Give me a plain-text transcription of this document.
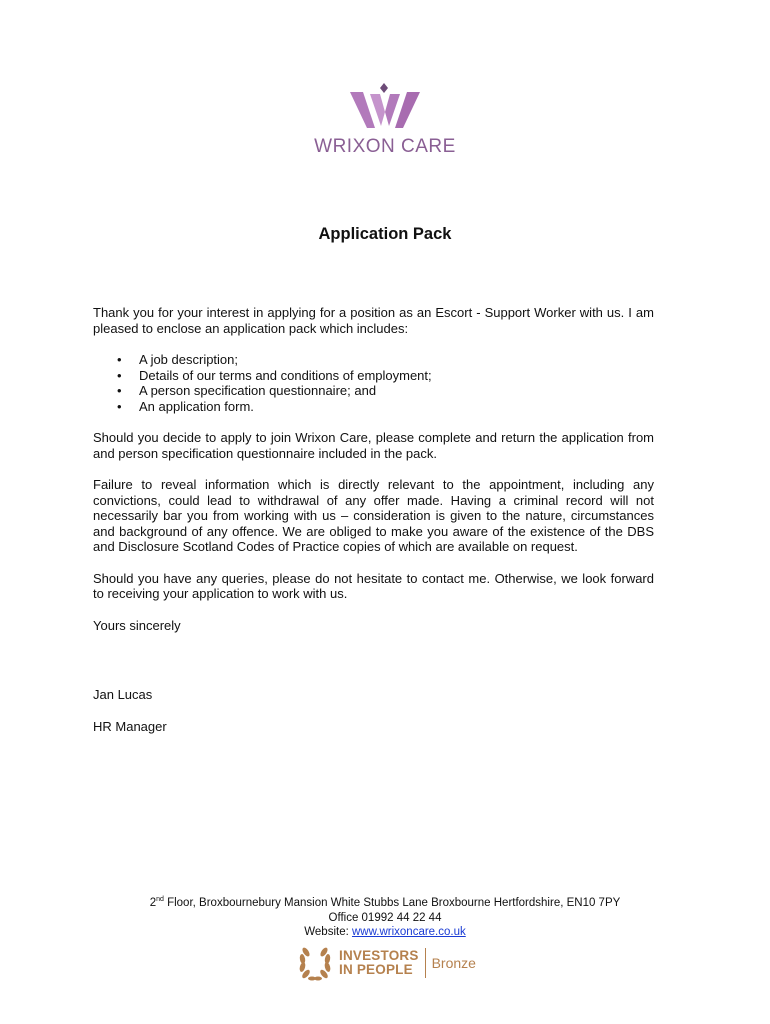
WRIXON CARE
Application Pack

Thank you for your interest in applying for a position as an Escort - Support Worker with us. I am pleased to enclose an application pack which includes:

• A job description;
• Details of our terms and conditions of employment;
• A person specification questionnaire; and
• An application form.

Should you decide to apply to join Wrixon Care, please complete and return the application from and person specification questionnaire included in the pack.

Failure to reveal information which is directly relevant to the appointment, including any convictions, could lead to withdrawal of any offer made. Having a criminal record will not necessarily bar you from working with us – consideration is given to the nature, circumstances and background of any offence. We are obliged to make you aware of the existence of the DBS and Disclosure Scotland Codes of Practice copies of which are available on request.

Should you have any queries, please do not hesitate to contact me. Otherwise, we look forward to receiving your application to work with us.

Yours sincerely

Jan Lucas

HR Manager

2nd Floor, Broxbournebury Mansion White Stubbs Lane Broxbourne Hertfordshire, EN10 7PY
Office 01992 44 22 44
Website: www.wrixoncare.co.uk
INVESTORS
IN PEOPLE	Bronze
